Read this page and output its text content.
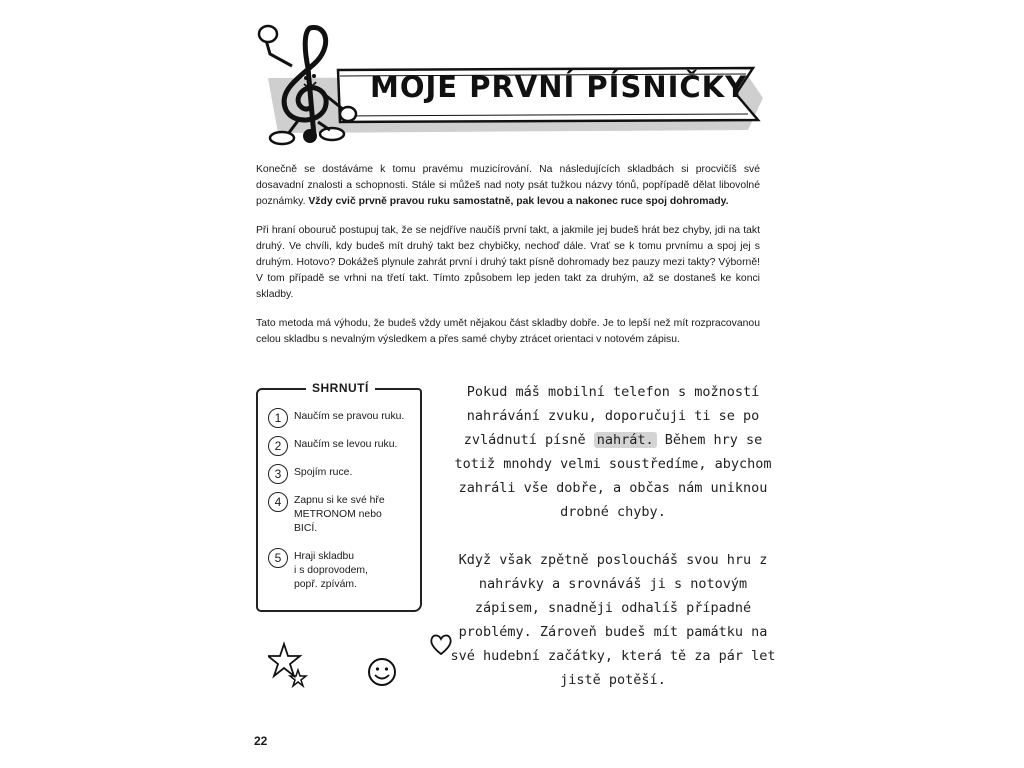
MOJE PRVNÍ PÍSNIČKY

Konečně se dostáváme k tomu pravému muzicírování. Na následujících skladbách si procvičíš své dosavadní znalosti a schopnosti. Stále si můžeš nad noty psát tužkou názvy tónů, popřípadě dělat libovolné poznámky. Vždy cvič prvně pravou ruku samostatně, pak levou a nakonec ruce spoj dohromady.

Při hraní obouruč postupuj tak, že se nejdříve naučíš první takt, a jakmile jej budeš hrát bez chyby, jdi na takt druhý. Ve chvíli, kdy budeš mít druhý takt bez chybičky, nechoď dále. Vrať se k tomu prvnímu a spoj jej s druhým. Hotovo? Dokážeš plynule zahrát první i druhý takt písně dohromady bez pauzy mezi takty? Výborně! V tom případě se vrhni na třetí takt. Tímto způsobem lep jeden takt za druhým, až se dostaneš ke konci skladby.

Tato metoda má výhodu, že budeš vždy umět nějakou část skladby dobře. Je to lepší než mít rozpracovanou celou skladbu s nevalným výsledkem a přes samé chyby ztrácet orientaci v notovém zápisu.

SHRNUTÍ
1	Naučím se pravou ruku.
2	Naučím se levou ruku.
3	Spojím ruce.
4	Zapnu si ke své hře
METRONOM nebo
BICÍ.
5	Hraji skladbu
i s doprovodem,
popř. zpívám.

Pokud máš mobilní telefon s možností nahrávání zvuku, doporučuji ti se po zvládnutí písně nahrát. Během hry se totiž mnohdy velmi soustředíme, abychom zahráli vše dobře, a občas nám uniknou drobné chyby.

Když však zpětně posloucháš svou hru z nahrávky a srovnáváš ji s notovým zápisem, snadněji odhalíš případné problémy. Zároveň budeš mít památku na své hudební začátky, která tě za pár let jistě potěší.

22
